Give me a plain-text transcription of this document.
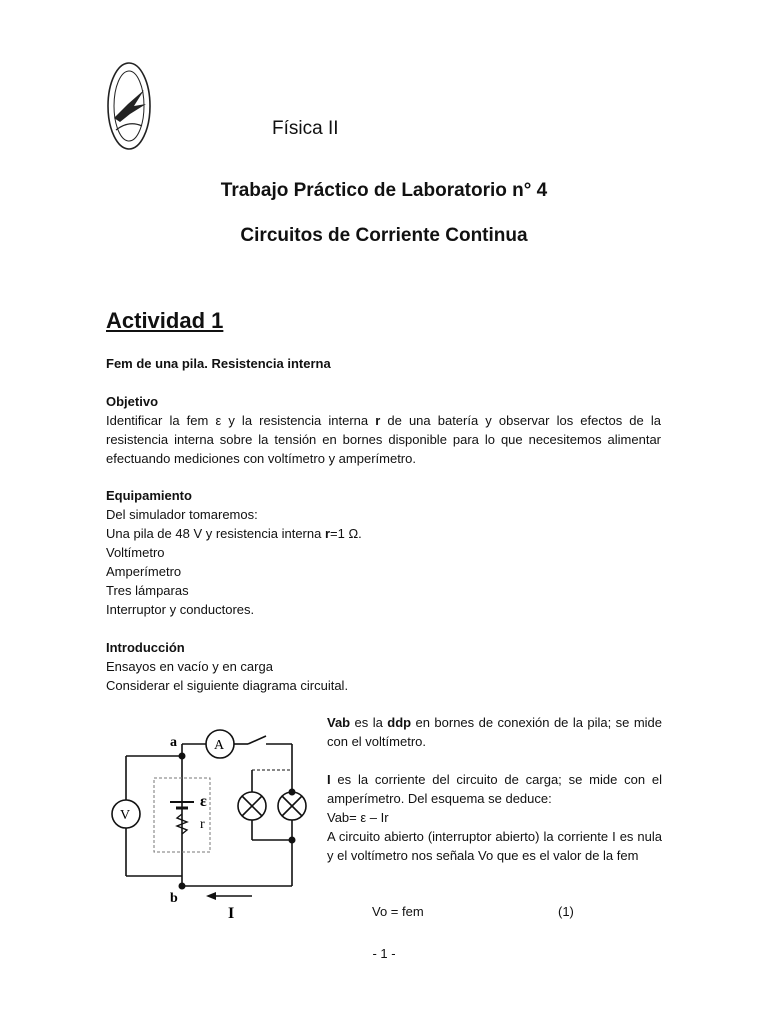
Física II
Trabajo Práctico de Laboratorio n° 4
Circuitos de Corriente Continua
Actividad 1
Fem de una pila. Resistencia interna
Objetivo

Identificar la fem ε y la resistencia interna r de una batería y observar los efectos de la resistencia interna sobre la tensión en bornes disponible para lo que necesitemos alimentar efectuando mediciones con voltímetro y amperímetro.

Equipamiento
Del simulador tomaremos:
Una pila de 48 V y resistencia interna r=1 Ω.
Voltímetro
Amperímetro
Tres lámparas
Interruptor y conductores.
Introducción
Ensayos en vacío y en carga
Considerar el siguiente diagrama circuital.
a
b
A
V
ε
r
I

Vab es la ddp en bornes de conexión de la pila; se mide con el voltímetro.

I es la corriente del circuito de carga; se mide con el amperímetro. Del esquema se deduce:

Vab= ε – Ir

A circuito abierto (interruptor abierto) la corriente I es nula y el voltímetro nos señala Vo que es el valor de la fem

Vo = fem	(1)
- 1 -
